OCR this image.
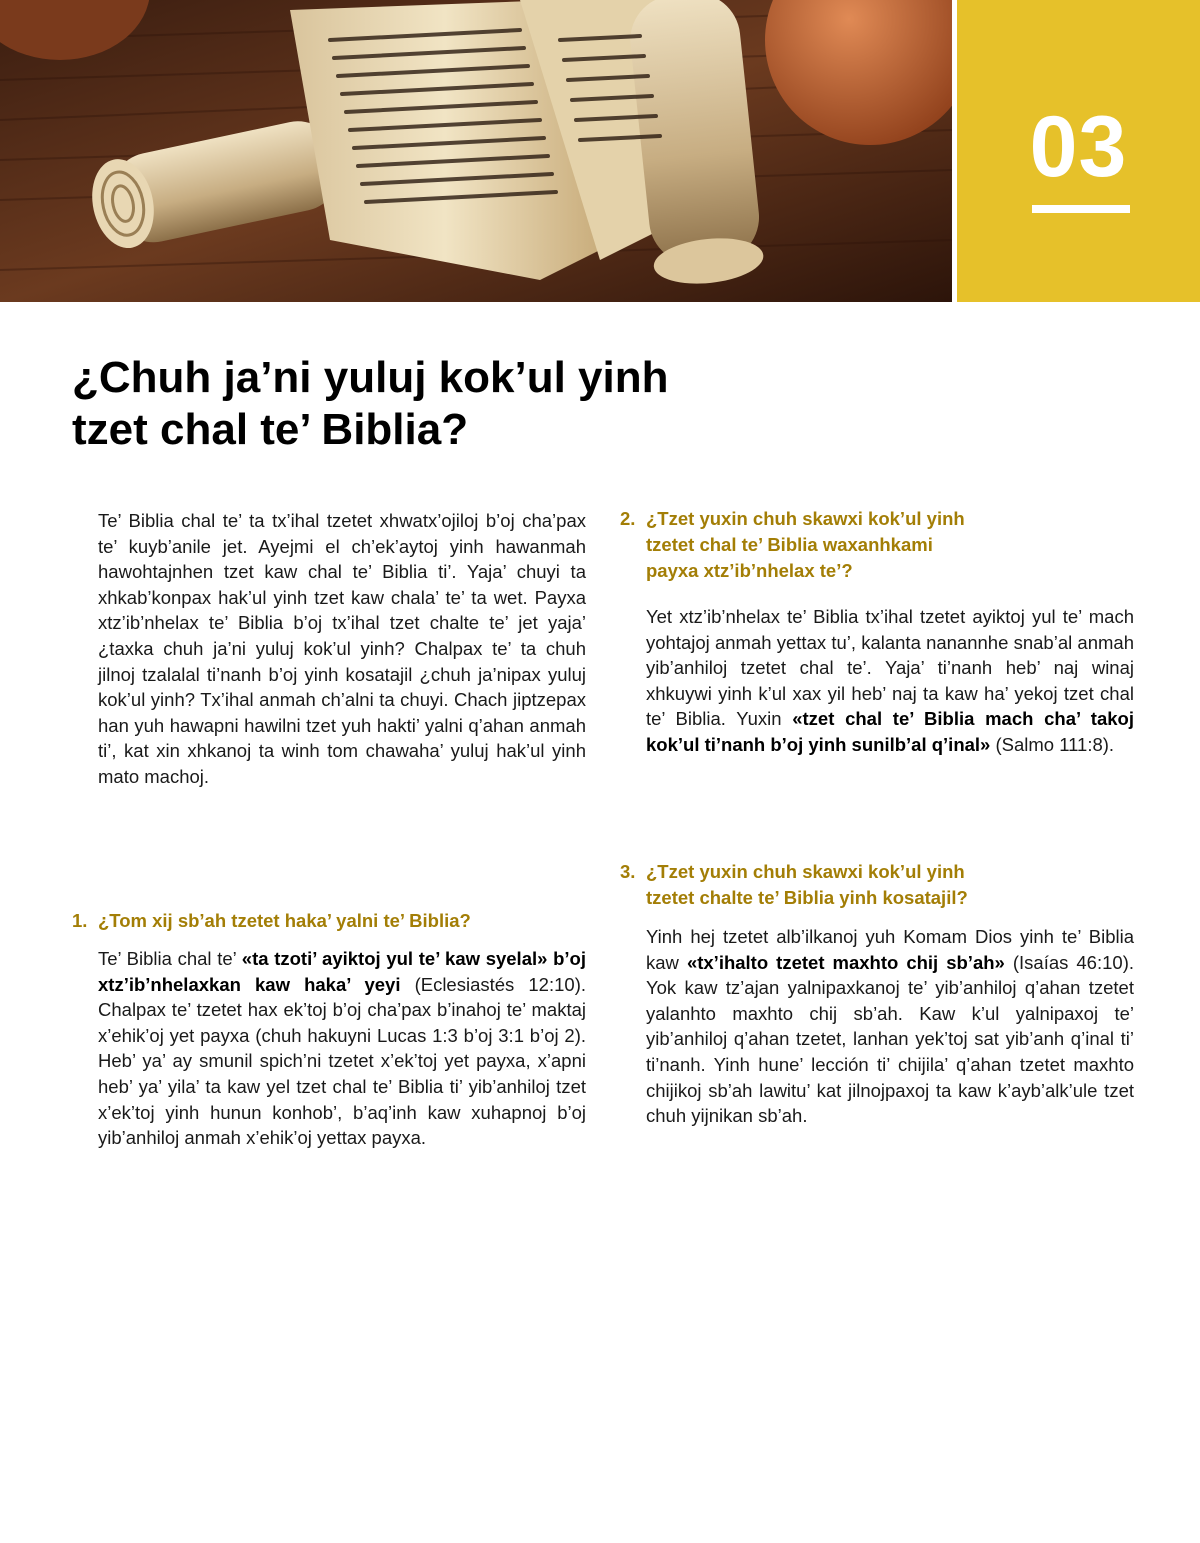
03
¿Chuh ja’ni yuluj kok’ul yinh
tzet chal te’ Biblia?

Te’ Biblia chal te’ ta tx’ihal tzetet xhwatx’ojiloj b’oj cha’pax te’ kuyb’anile jet. Ayejmi el ch’ek’aytoj yinh hawanmah hawohtajnhen tzet kaw chal te’ Biblia ti’. Yaja’ chuyi ta xhkab’konpax hak’ul yinh tzet kaw chala’ te’ ta wet. Payxa xtz’ib’nhelax te’ Biblia b’oj tx’ihal tzet chalte te’ jet yaja’ ¿taxka chuh ja’ni yuluj kok’ul yinh? Chalpax te’ ta chuh jilnoj tzalalal ti’nanh b’oj yinh kosatajil ¿chuh ja’nipax yuluj kok’ul yinh? Tx’ihal anmah ch’alni ta chuyi. Chach jiptzepax han yuh hawapni hawilni tzet yuh hakti’ yalni q’ahan anmah ti’, kat xin xhkanoj ta winh tom chawaha’ yuluj hak’ul yinh mato machoj.

1. ¿Tom xij sb’ah tzetet haka’ yalni te’ Biblia?
Te’ Biblia chal te’ «ta tzoti’ ayiktoj yul te’ kaw syelal» b’oj xtz’ib’nhelaxkan kaw haka’ yeyi (Eclesiastés 12:10). Chalpax te’ tzetet hax ek’toj b’oj cha’pax b’inahoj te’ maktaj x’ehik’oj yet payxa (chuh hakuyni Lucas 1:3 b’oj 3:1 b’oj 2). Heb’ ya’ ay smunil spich’ni tzetet x’ek’toj yet payxa, x’apni heb’ ya’ yila’ ta kaw yel tzet chal te’ Biblia ti’ yib’anhiloj tzet x’ek’toj yinh hunun konhob’, b’aq’inh kaw xuhapnoj b’oj yib’anhiloj anmah x’ehik’oj yettax payxa.
2. ¿Tzet yuxin chuh skawxi kok’ul yinh
tzetet chal te’ Biblia waxanhkami
payxa xtz’ib’nhelax te’?

Yet xtz’ib’nhelax te’ Biblia tx’ihal tzetet ayiktoj yul te’ mach yohtajoj anmah yettax tu’, kalanta nanannhe snab’al anmah yib’anhiloj tzetet chal te’. Yaja’ ti’nanh heb’ naj winaj xhkuywi yinh k’ul xax yil heb’ naj ta kaw ha’ yekoj tzet chal te’ Biblia. Yuxin «tzet chal te’ Biblia mach cha’ takoj kok’ul ti’nanh b’oj yinh sunilb’al q’inal» (Salmo 111:8).

3. ¿Tzet yuxin chuh skawxi kok’ul yinh
tzetet chalte te’ Biblia yinh kosatajil?
Yinh hej tzetet alb’ilkanoj yuh Komam Dios yinh te’ Biblia kaw «tx’ihalto tzetet maxhto chij sb’ah» (Isaías 46:10). Yok kaw tz’ajan yalnipaxkanoj te’ yib’anhiloj q’ahan tzetet yalanhto maxhto chij sb’ah. Kaw k’ul yalnipaxoj te’ yib’anhiloj q’ahan tzetet, lanhan yek’toj sat yib’anh q’inal ti’ ti’nanh. Yinh hune’ lección ti’ chijila’ q’ahan tzetet maxhto chijikoj sb’ah lawitu’ kat jilnojpaxoj ta kaw k’ayb’alk’ule tzet chuh yijnikan sb’ah.
